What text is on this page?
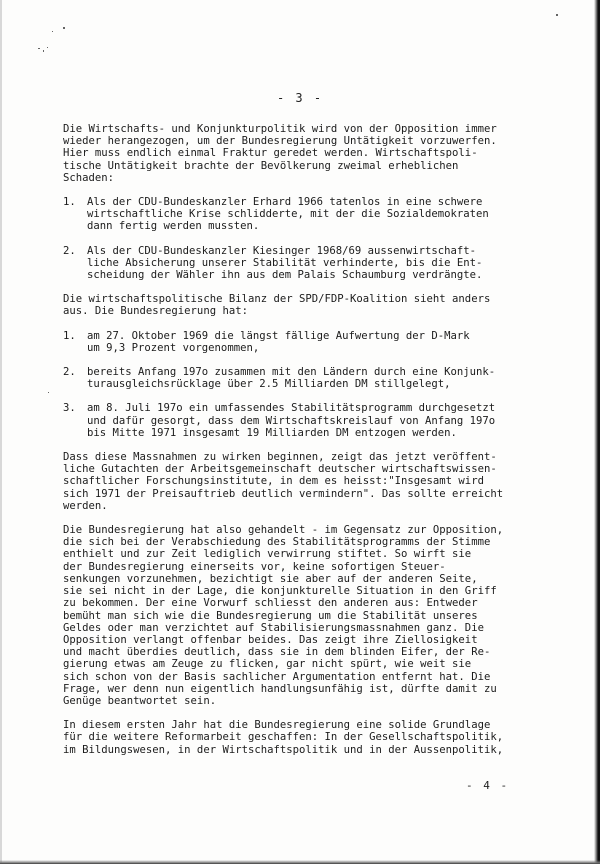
- 3 -

Die Wirtschafts- und Konjunkturpolitik wird von der Opposition immer
wieder herangezogen, um der Bundesregierung Untätigkeit vorzuwerfen.
Hier muss endlich einmal Fraktur geredet werden. Wirtschaftspoli-
tische Untätigkeit brachte der Bevölkerung zweimal erheblichen
Schaden:

1. Als der CDU-Bundeskanzler Erhard 1966 tatenlos in eine schwere
wirtschaftliche Krise schlidderte, mit der die Sozialdemokraten
dann fertig werden mussten.
2. Als der CDU-Bundeskanzler Kiesinger 1968/69 aussenwirtschaft-
liche Absicherung unserer Stabilität verhinderte, bis die Ent-
scheidung der Wähler ihn aus dem Palais Schaumburg verdrängte.

Die wirtschaftspolitische Bilanz der SPD/FDP-Koalition sieht anders
aus. Die Bundesregierung hat:

1. am 27. Oktober 1969 die längst fällige Aufwertung der D-Mark
um 9,3 Prozent vorgenommen,
2. bereits Anfang 197o zusammen mit den Ländern durch eine Konjunk-
turausgleichsrücklage über 2.5 Milliarden DM stillgelegt,
3. am 8. Juli 197o ein umfassendes Stabilitätsprogramm durchgesetzt
und dafür gesorgt, dass dem Wirtschaftskreislauf von Anfang 197o
bis Mitte 1971 insgesamt 19 Milliarden DM entzogen werden.

Dass diese Massnahmen zu wirken beginnen, zeigt das jetzt veröffent-
liche Gutachten der Arbeitsgemeinschaft deutscher wirtschaftswissen-
schaftlicher Forschungsinstitute, in dem es heisst:"Insgesamt wird
sich 1971 der Preisauftrieb deutlich vermindern". Das sollte erreicht
werden.

Die Bundesregierung hat also gehandelt - im Gegensatz zur Opposition,
die sich bei der Verabschiedung des Stabilitätsprogramms der Stimme
enthielt und zur Zeit lediglich verwirrung stiftet. So wirft sie
der Bundesregierung einerseits vor, keine sofortigen Steuer-
senkungen vorzunehmen, bezichtigt sie aber auf der anderen Seite,
sie sei nicht in der Lage, die konjunkturelle Situation in den Griff
zu bekommen. Der eine Vorwurf schliesst den anderen aus: Entweder
bemüht man sich wie die Bundesregierung um die Stabilität unseres
Geldes oder man verzichtet auf Stabilisierungsmassnahmen ganz. Die
Opposition verlangt offenbar beides. Das zeigt ihre Ziellosigkeit
und macht überdies deutlich, dass sie in dem blinden Eifer, der Re-
gierung etwas am Zeuge zu flicken, gar nicht spürt, wie weit sie
sich schon von der Basis sachlicher Argumentation entfernt hat. Die
Frage, wer denn nun eigentlich handlungsunfähig ist, dürfte damit zu
Genüge beantwortet sein.

In diesem ersten Jahr hat die Bundesregierung eine solide Grundlage
für die weitere Reformarbeit geschaffen: In der Gesellschaftspolitik,
im Bildungswesen, in der Wirtschaftspolitik und in der Aussenpolitik,

- 4 -
